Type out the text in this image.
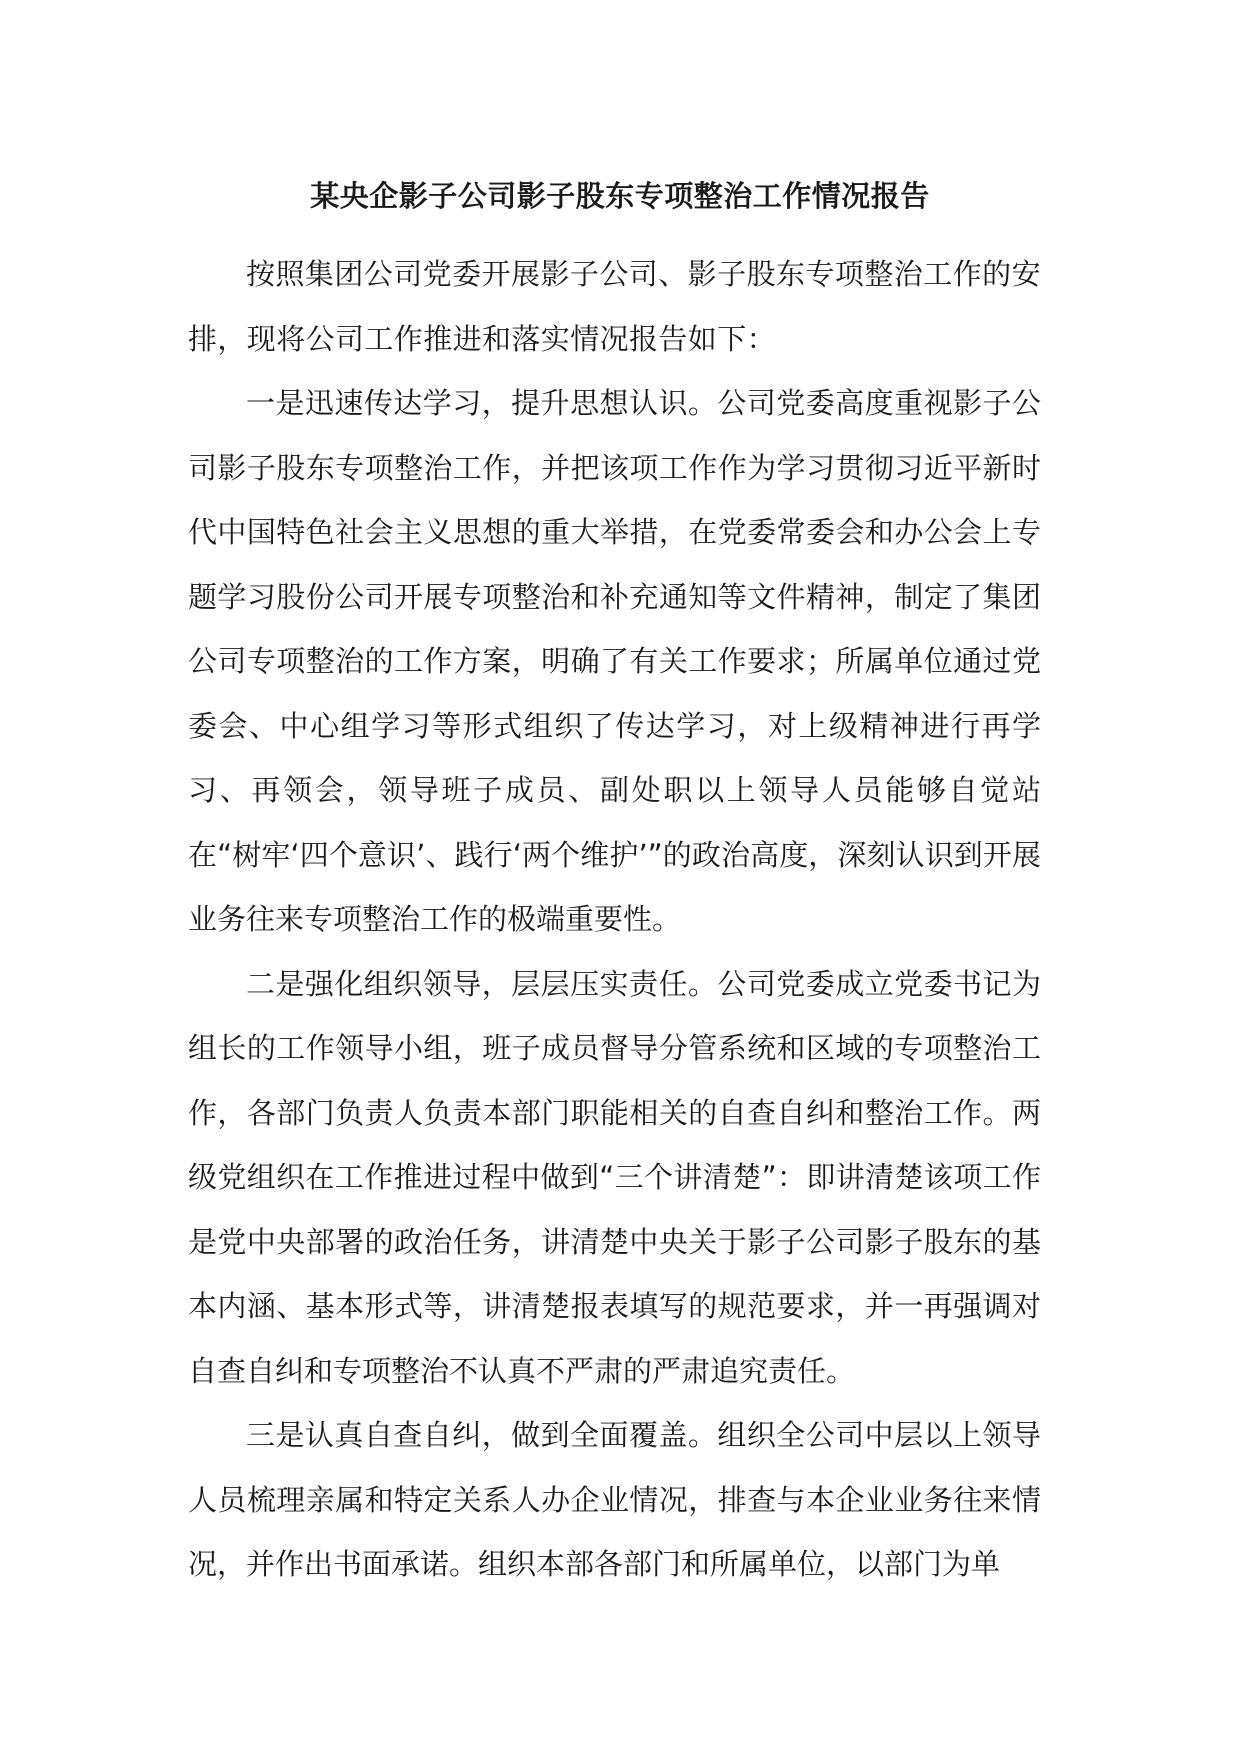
某央企影子公司影子股东专项整治工作情况报告

按照集团公司党委开展影子公司、影子股东专项整治工作的安排，现将公司工作推进和落实情况报告如下：

一是迅速传达学习，提升思想认识。公司党委高度重视影子公司影子股东专项整治工作，并把该项工作作为学习贯彻习近平新时代中国特色社会主义思想的重大举措，在党委常委会和办公会上专题学习股份公司开展专项整治和补充通知等文件精神，制定了集团公司专项整治的工作方案，明确了有关工作要求；所属单位通过党委会、中心组学习等形式组织了传达学习，对上级精神进行再学习、再领会，领导班子成员、副处职以上领导人员能够自觉站在“树牢‘四个意识’、践行‘两个维护’”的政治高度，深刻认识到开展业务往来专项整治工作的极端重要性。

二是强化组织领导，层层压实责任。公司党委成立党委书记为组长的工作领导小组，班子成员督导分管系统和区域的专项整治工作，各部门负责人负责本部门职能相关的自查自纠和整治工作。两级党组织在工作推进过程中做到“三个讲清楚”：即讲清楚该项工作是党中央部署的政治任务，讲清楚中央关于影子公司影子股东的基本内涵、基本形式等，讲清楚报表填写的规范要求，并一再强调对自查自纠和专项整治不认真不严肃的严肃追究责任。

三是认真自查自纠，做到全面覆盖。组织全公司中层以上领导人员梳理亲属和特定关系人办企业情况，排查与本企业业务往来情况，并作出书面承诺。组织本部各部门和所属单位，以部门为单
